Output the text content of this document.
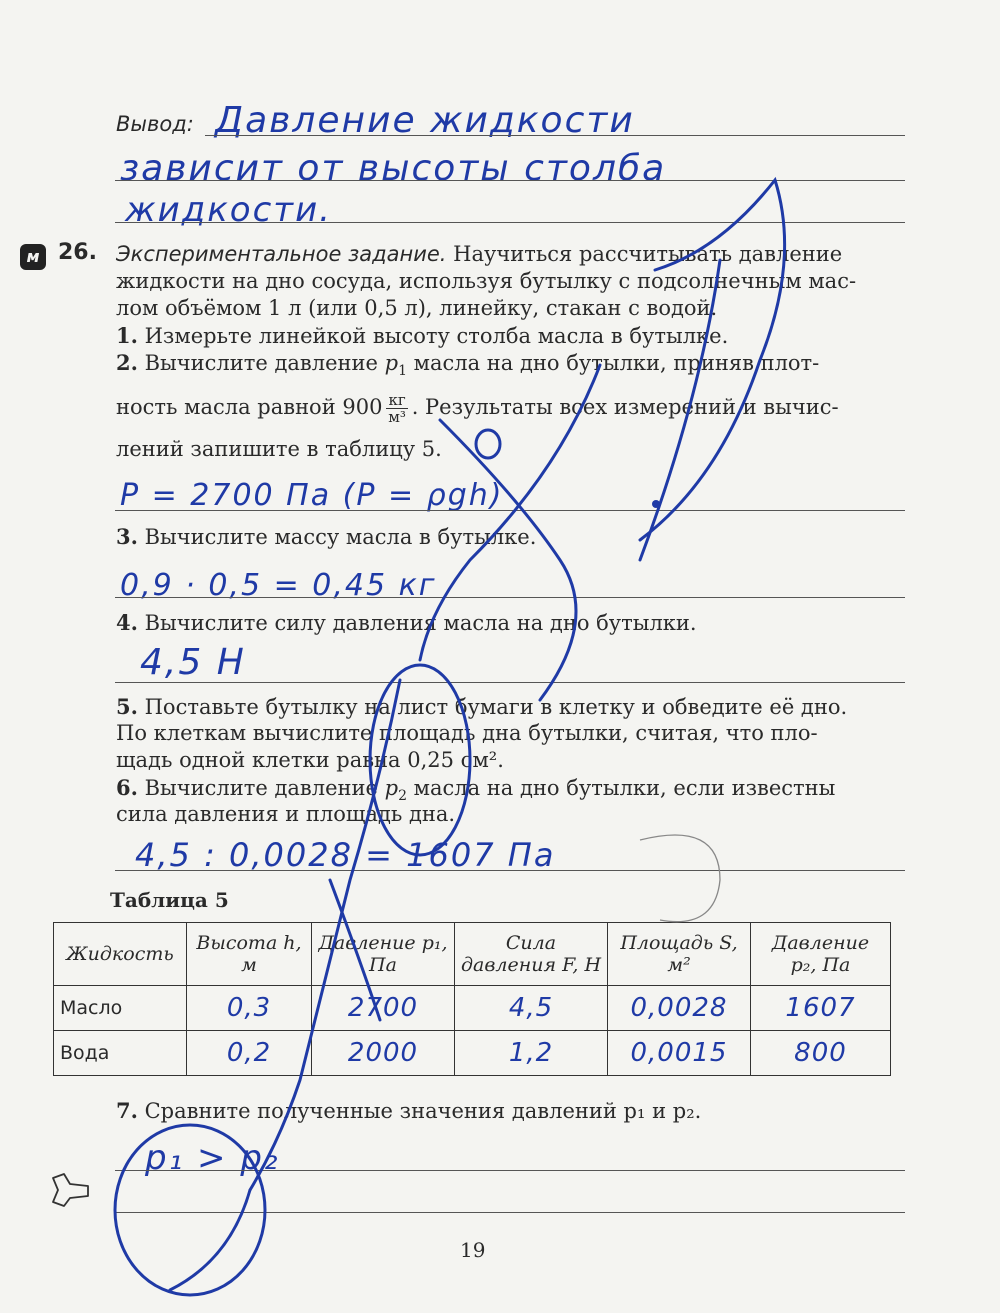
Вывод: Давление жидкости
зависит от высоты столба
жидкости.
м 26. Экспериментальное задание. Научиться рассчитывать давление
жидкости на дно сосуда, используя бутылку с подсолнечным мас-
лом объёмом 1 л (или 0,5 л), линейку, стакан с водой.
1. Измерьте линейкой высоту столба масла в бутылке.
2. Вычислите давление $p_1$ масла на дно бутылки, приняв плот-
ность масла равной $900 \frac{кг}{\text{м³}}$ . Результаты всех измерений и вычис-
лений запишите в таблицу 5.
P = 2700 Па (P = ρgh)
3. Вычислите массу масла в бутылке.
0,9 · 0,5 = 0,45 кг
4. Вычислите силу давления масла на дно бутылки.
4,5 Н
5. Поставьте бутылку на лист бумаги в клетку и обведите её дно.
По клеткам вычислите площадь дна бутылки, считая, что пло-
щадь одной клетки равна 0,25 см².
6. Вычислите давление $p_2$ масла на дно бутылки, если известны
сила давления и площадь дна.
4,5 : 0,0028 = 1607 Па
Таблица 5
Жидкость	Высота h, м	Давление p₁, Па	Сила давления F, Н	Площадь S, м²	Давление p₂, Па
Масло	0,3	2700	4,5	0,0028	1607
Вода	0,2	2000	1,2	0,0015	800
7. Сравните полученные значения давлений p₁ и p₂.
p₁ > p₂
19
